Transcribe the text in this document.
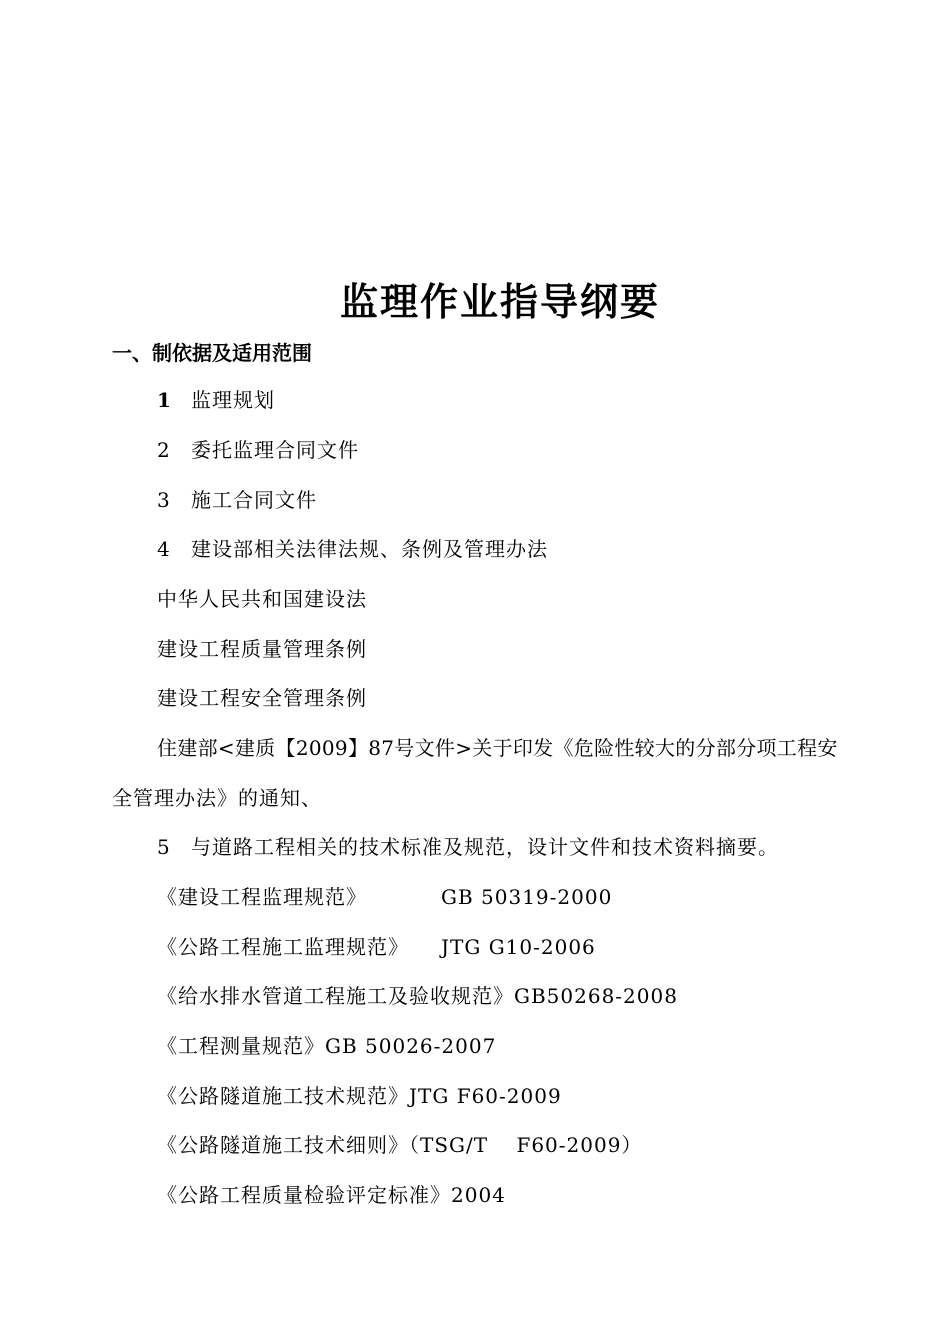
监理作业指导纲要
一、制依据及适用范围
1 监理规划
2 委托监理合同文件
3 施工合同文件
4 建设部相关法律法规、条例及管理办法
中华人民共和国建设法
建设工程质量管理条例
建设工程安全管理条例
住建部<建质【2009】87号文件>关于印发《危险性较大的分部分项工程安
全管理办法》的通知、
5 与道路工程相关的技术标准及规范，设计文件和技术资料摘要。
《建设工程监理规范》	GB 50319-2000
《公路工程施工监理规范》 JTG G10-2006
《给水排水管道工程施工及验收规范》GB50268-2008
《工程测量规范》GB 50026-2007
《公路隧道施工技术规范》JTG F60-2009
《公路隧道施工技术细则》（TSG/T　 F60-2009）
《公路工程质量检验评定标准》2004
